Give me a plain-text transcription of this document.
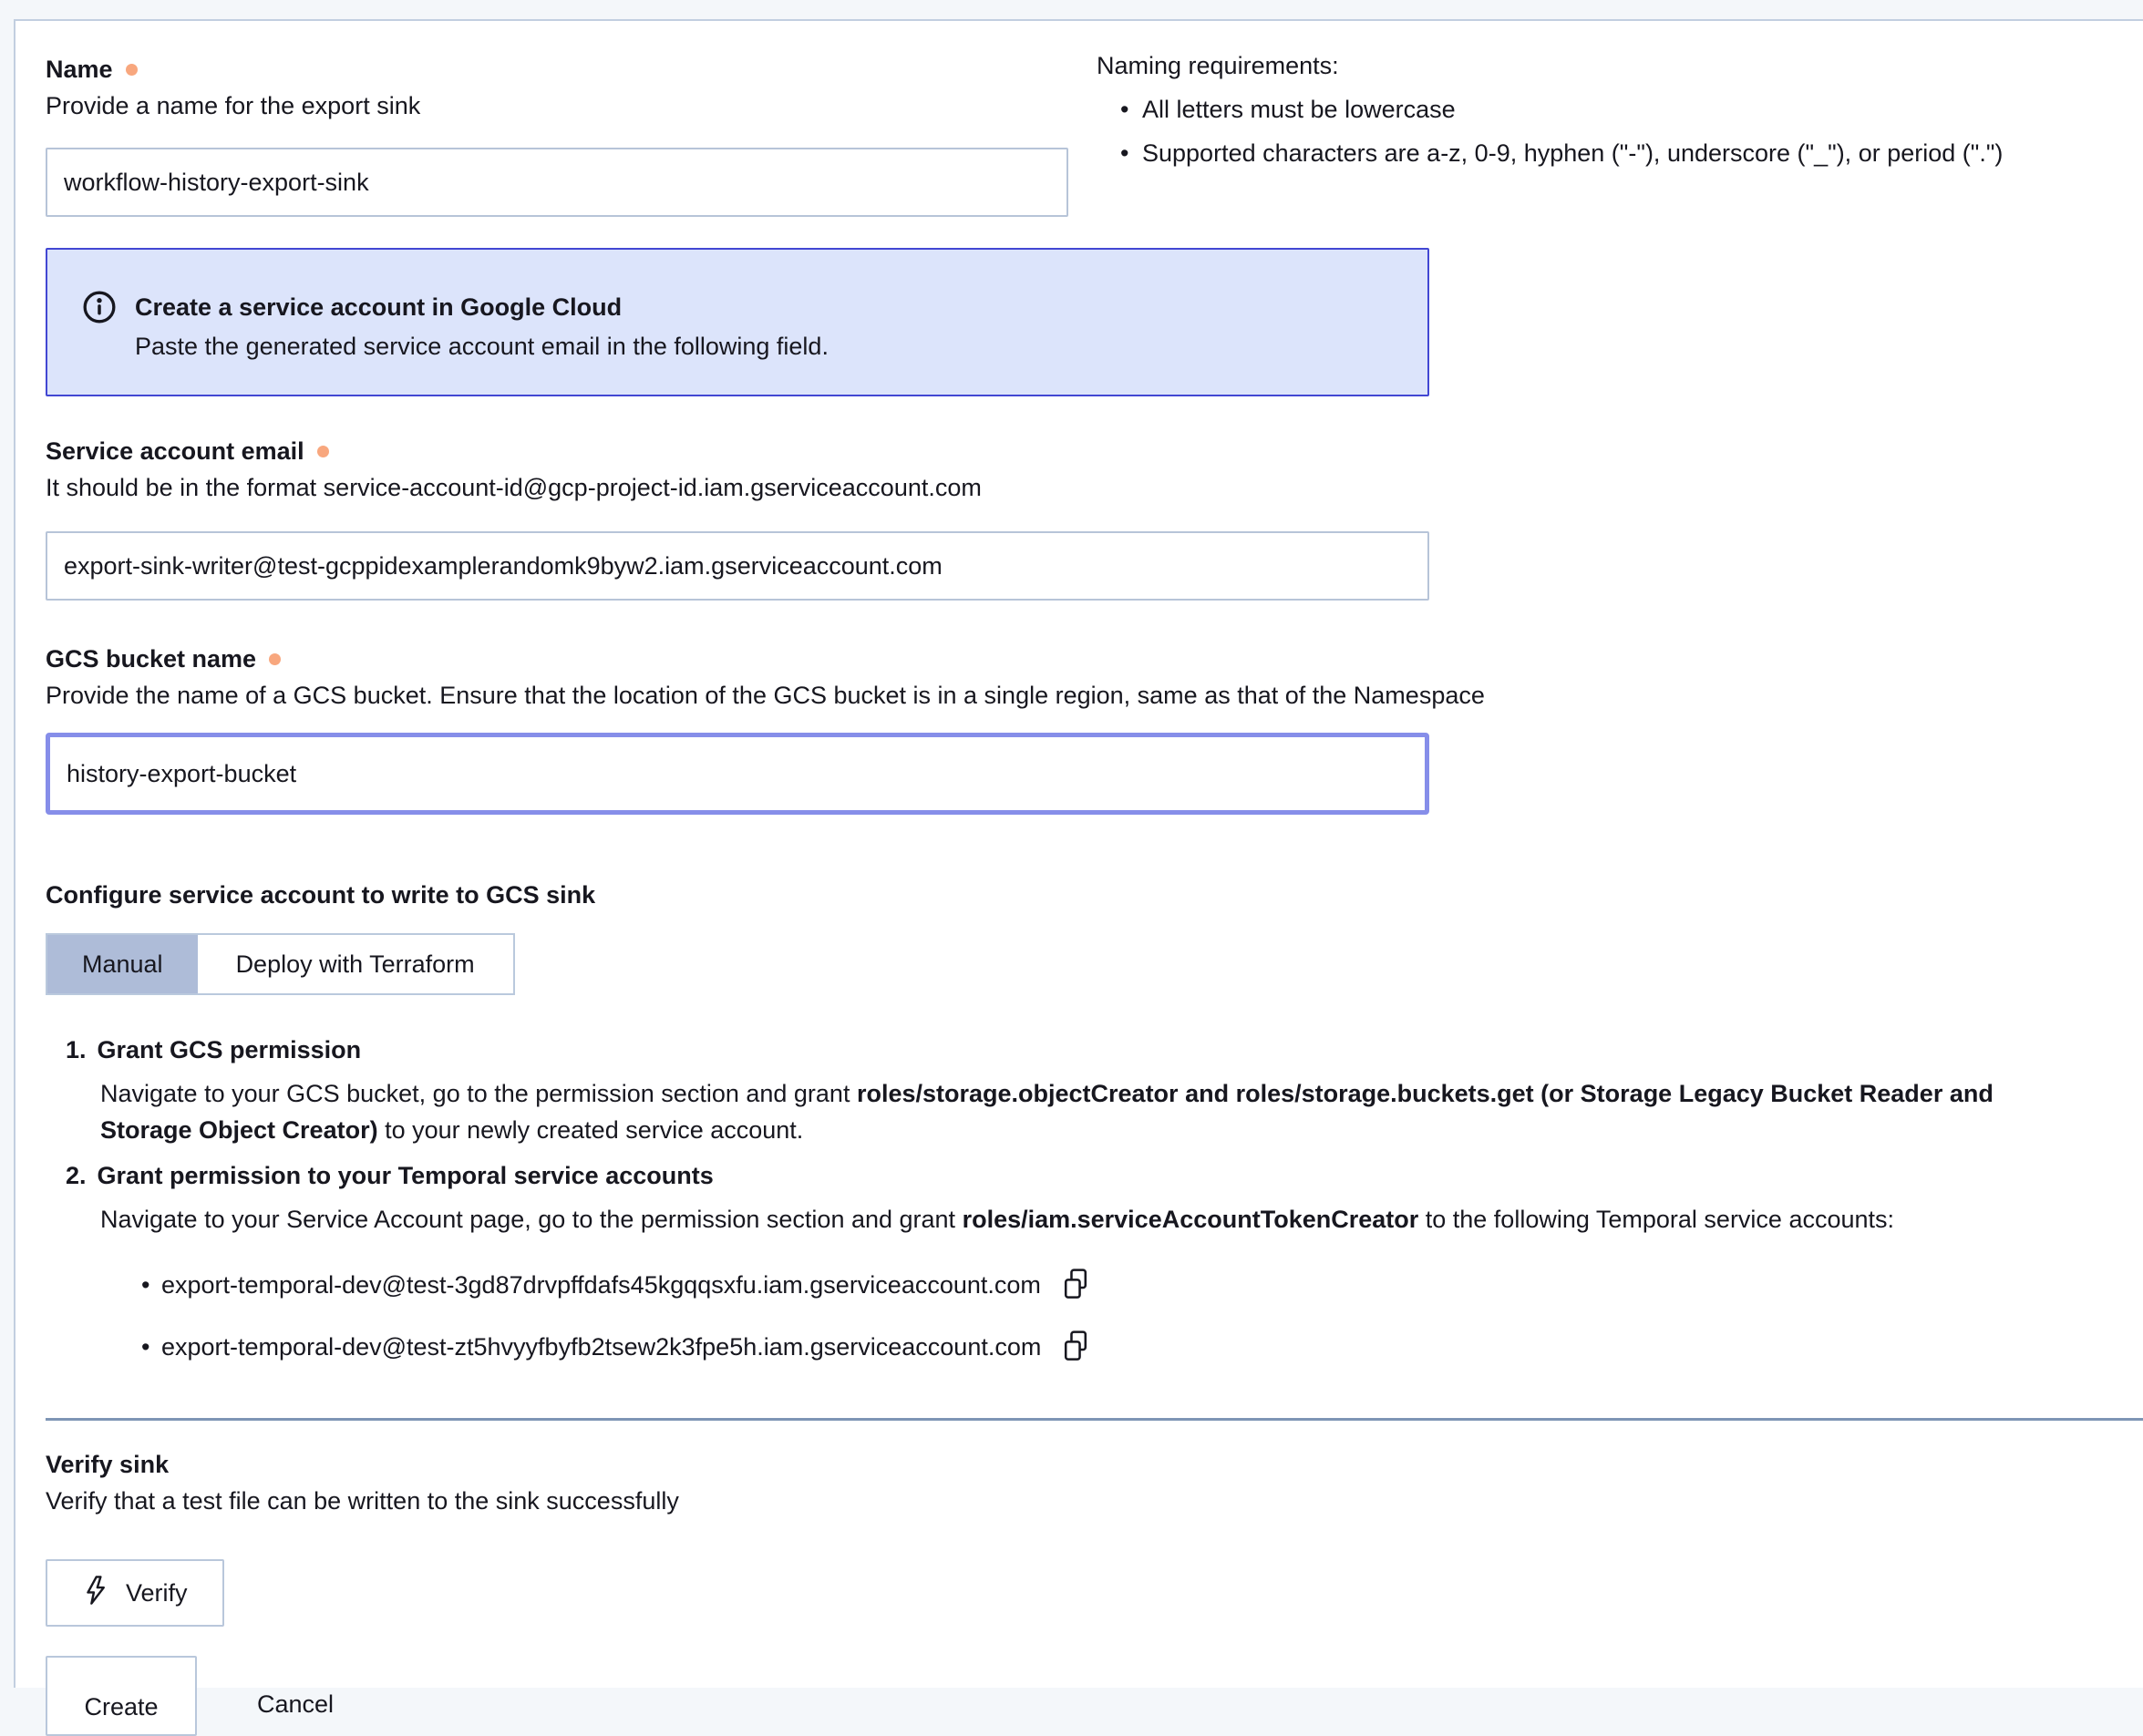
Name
Provide a name for the export sink
workflow-history-export-sink
Create a service account in Google Cloud
Paste the generated service account email in the following field.
Service account email
It should be in the format service-account-id@gcp-project-id.iam.gserviceaccount.com
export-sink-writer@test-gcppidexamplerandomk9byw2.iam.gserviceaccount.com
GCS bucket name
Provide the name of a GCS bucket. Ensure that the location of the GCS bucket is in a single region, same as that of the Namespace
history-export-bucket
Configure service account to write to GCS sink
Manual	Deploy with Terraform
1. Grant GCS permission
Navigate to your GCS bucket, go to the permission section and grant roles/storage.objectCreator and roles/storage.buckets.get (or Storage Legacy Bucket Reader and Storage Object Creator) to your newly created service account.
2. Grant permission to your Temporal service accounts
Navigate to your Service Account page, go to the permission section and grant roles/iam.serviceAccountTokenCreator to the following Temporal service accounts:
• export-temporal-dev@test-3gd87drvpffdafs45kgqqsxfu.iam.gserviceaccount.com
• export-temporal-dev@test-zt5hvyyfbyfb2tsew2k3fpe5h.iam.gserviceaccount.com
Verify sink
Verify that a test file can be written to the sink successfully
Verify
Create	Cancel
Naming requirements:
• All letters must be lowercase
• Supported characters are a-z, 0-9, hyphen ("-"), underscore ("_"), or period (".")
